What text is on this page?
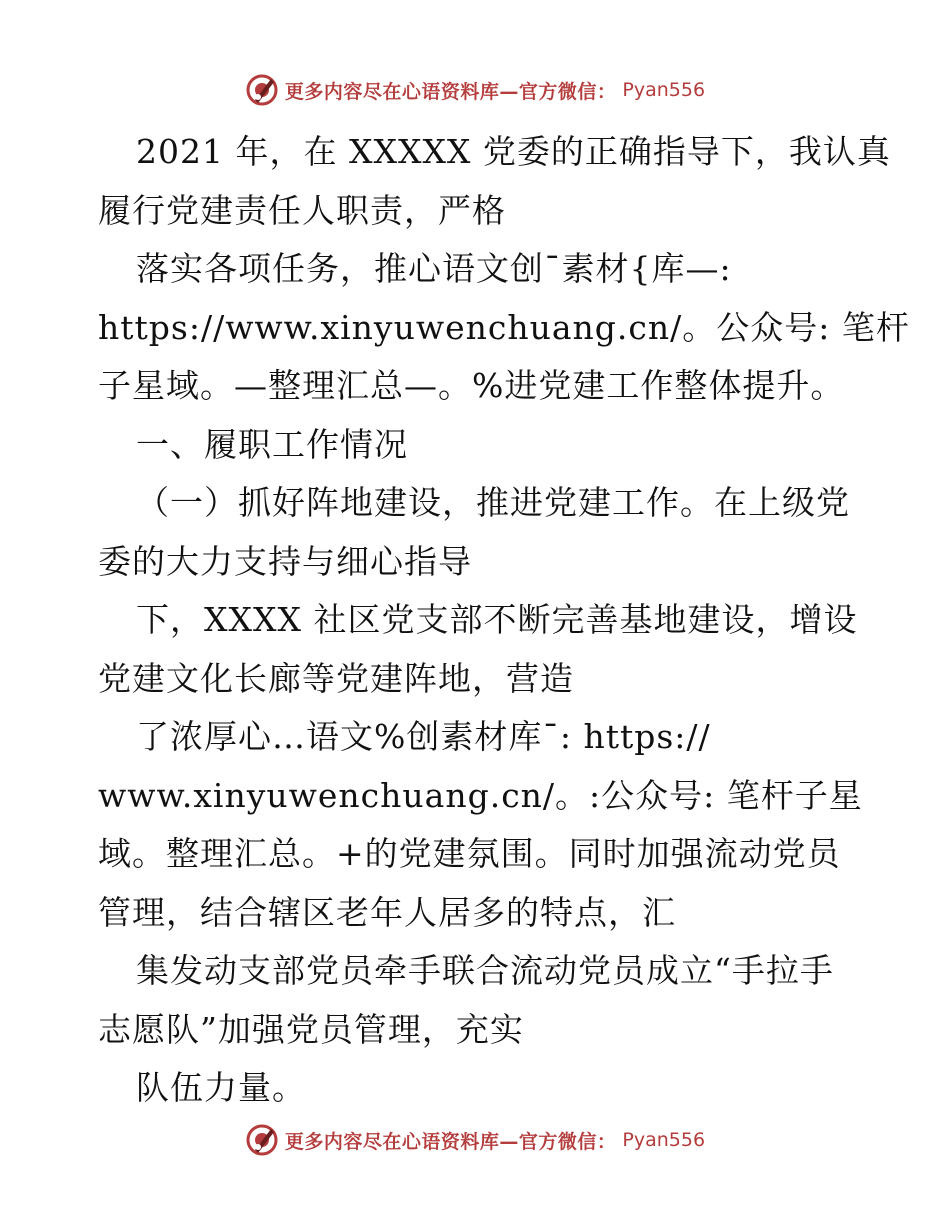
更多内容尽在心语资料库—官方微信： Pyan556
2021 年，在 XXXXX 党委的正确指导下，我认真
履行党建责任人职责，严格
落实各项任务，推心语文创¯素材{库—:
https://www.xinyuwenchuang.cn/。公众号: 笔杆
子星域。—整理汇总—。%进党建工作整体提升。
一、履职工作情况
（一）抓好阵地建设，推进党建工作。在上级党
委的大力支持与细心指导
下，XXXX 社区党支部不断完善基地建设，增设
党建文化长廊等党建阵地，营造
了浓厚心…语文%创素材库¯: https://
www.xinyuwenchuang.cn/。:公众号: 笔杆子星
域。整理汇总。+的党建氛围。同时加强流动党员
管理，结合辖区老年人居多的特点，汇
集发动支部党员牵手联合流动党员成立“手拉手
志愿队”加强党员管理，充实
队伍力量。
更多内容尽在心语资料库—官方微信： Pyan556
